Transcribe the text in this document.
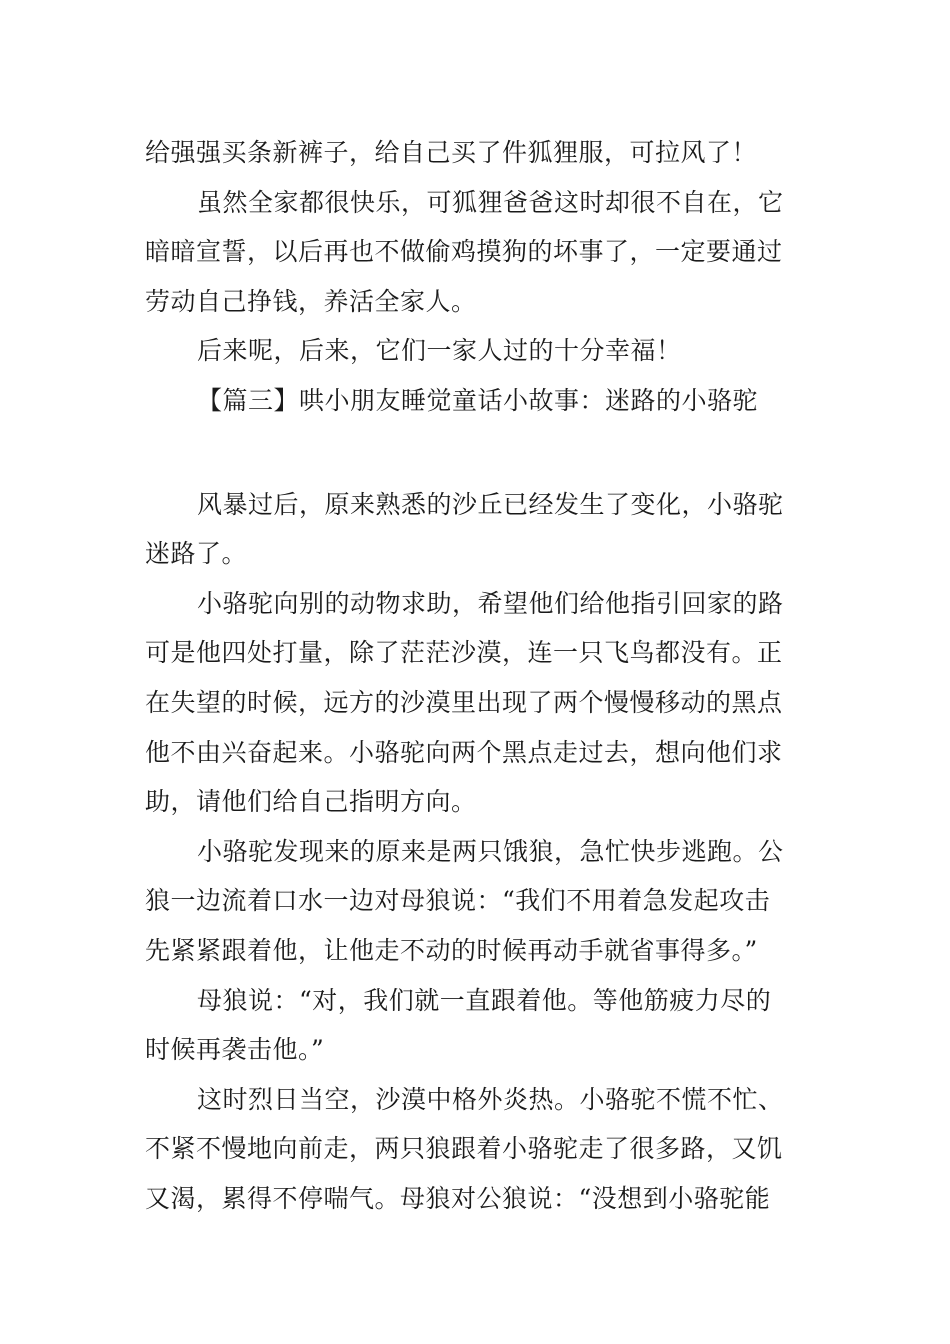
给强强买条新裤子，给自己买了件狐狸服，可拉风了！
虽然全家都很快乐，可狐狸爸爸这时却很不自在，它
暗暗宣誓，以后再也不做偷鸡摸狗的坏事了，一定要通过
劳动自己挣钱，养活全家人。
后来呢，后来，它们一家人过的十分幸福！
【篇三】哄小朋友睡觉童话小故事：迷路的小骆驼
风暴过后，原来熟悉的沙丘已经发生了变化，小骆驼
迷路了。
小骆驼向别的动物求助，希望他们给他指引回家的路
可是他四处打量，除了茫茫沙漠，连一只飞鸟都没有。正
在失望的时候，远方的沙漠里出现了两个慢慢移动的黑点
他不由兴奋起来。小骆驼向两个黑点走过去，想向他们求
助，请他们给自己指明方向。
小骆驼发现来的原来是两只饿狼，急忙快步逃跑。公
狼一边流着口水一边对母狼说：“我们不用着急发起攻击
先紧紧跟着他，让他走不动的时候再动手就省事得多。”
母狼说：“对，我们就一直跟着他。等他筋疲力尽的
时候再袭击他。”
这时烈日当空，沙漠中格外炎热。小骆驼不慌不忙、
不紧不慢地向前走，两只狼跟着小骆驼走了很多路，又饥
又渴，累得不停喘气。母狼对公狼说：“没想到小骆驼能
